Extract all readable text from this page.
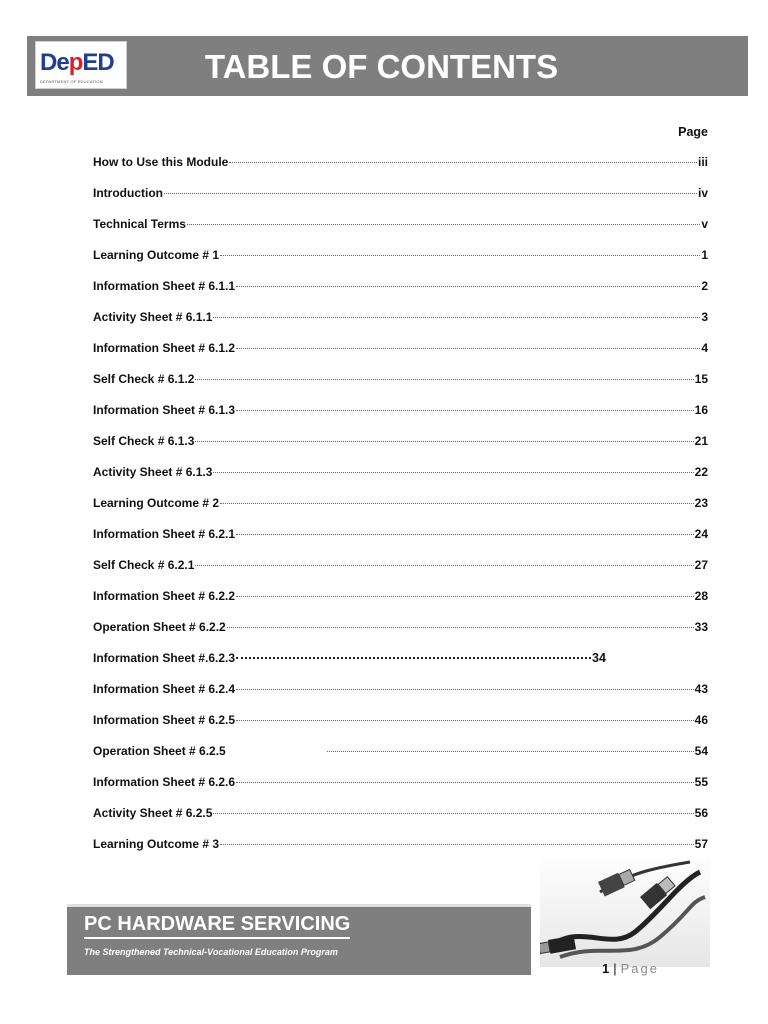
DepED
DEPARTMENT OF EDUCATION	TABLE OF CONTENTS
Page
How to Use this Module	iii
Introduction	iv
Technical Terms	v
Learning Outcome # 1	1
Information Sheet # 6.1.1	2
Activity Sheet # 6.1.1	3
Information Sheet # 6.1.2	4
Self Check # 6.1.2	15
Information Sheet # 6.1.3	16
Self Check # 6.1.3	21
Activity Sheet # 6.1.3	22
Learning Outcome # 2	23
Information Sheet # 6.2.1	24
Self Check # 6.2.1	27
Information Sheet # 6.2.2	28
Operation Sheet # 6.2.2	33
Information Sheet #.6.2.3	34
Information Sheet # 6.2.4	43
Information Sheet # 6.2.5	46
Operation Sheet # 6.2.5	54
Information Sheet # 6.2.6	55
Activity Sheet # 6.2.5	56
Learning Outcome # 3	57
PC HARDWARE SERVICING
The Strengthened Technical-Vocational Education Program
1 | Page
